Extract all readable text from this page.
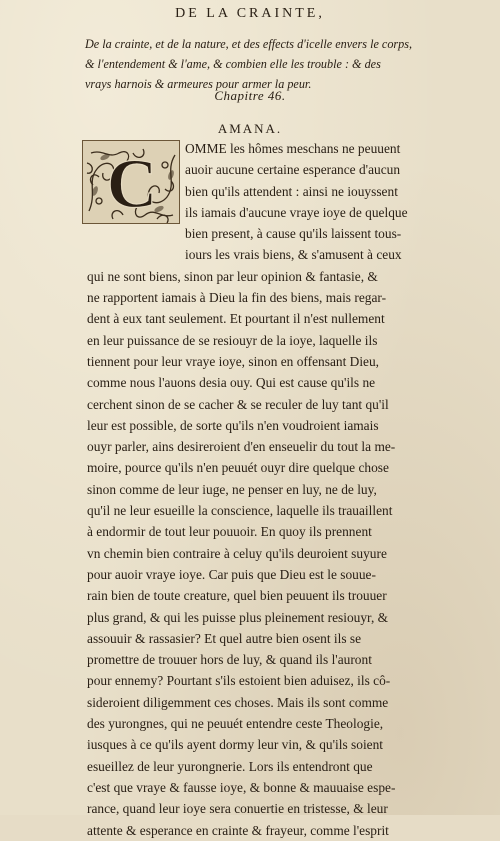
DE LA CRAINTE,
De la crainte, et de la nature, et des effects d'icelle envers le corps,
& l'entendement & l'ame, & combien elle les trouble : & des
vrays harnois & armeures pour armer la peur.
Chapitre 46.
AMANA.
C	OMME les hômes meschans ne peuuent
auoir aucune certaine esperance d'aucun
bien qu'ils attendent : ainsi ne iouyssent
ils iamais d'aucune vraye ioye de quelque
bien present, à cause qu'ils laissent tous-
iours les vrais biens, & s'amusent à ceux
qui ne sont biens, sinon par leur opinion & fantasie, &
ne rapportent iamais à Dieu la fin des biens, mais regar-
dent à eux tant seulement. Et pourtant il n'est nullement
en leur puissance de se resiouyr de la ioye, laquelle ils
tiennent pour leur vraye ioye, sinon en offensant Dieu,
comme nous l'auons desia ouy. Qui est cause qu'ils ne
cerchent sinon de se cacher & se reculer de luy tant qu'il
leur est possible, de sorte qu'ils n'en voudroient iamais
ouyr parler, ains desireroient d'en enseuelir du tout la me-
moire, pource qu'ils n'en peuuét ouyr dire quelque chose
sinon comme de leur iuge, ne penser en luy, ne de luy,
qu'il ne leur esueille la conscience, laquelle ils trauaillent
à endormir de tout leur pouuoir. En quoy ils prennent
vn chemin bien contraire à celuy qu'ils deuroient suyure
pour auoir vraye ioye. Car puis que Dieu est le souue-
rain bien de toute creature, quel bien peuuent ils trouuer
plus grand, & qui les puisse plus pleinement resiouyr, &
assouuir & rassasier? Et quel autre bien osent ils se
promettre de trouuer hors de luy, & quand ils l'auront
pour ennemy? Pourtant s'ils estoient bien aduisez, ils cô-
sideroient diligemment ces choses. Mais ils sont comme
des yurongnes, qui ne peuuét entendre ceste Theologie,
iusques à ce qu'ils ayent dormy leur vin, & qu'ils soient
esueillez de leur yurongnerie. Lors ils entendront que
c'est que vraye & fausse ioye, & bonne & mauuaise espe-
rance, quand leur ioye sera conuertie en tristesse, & leur
attente & esperance en crainte & frayeur, comme l'esprit
